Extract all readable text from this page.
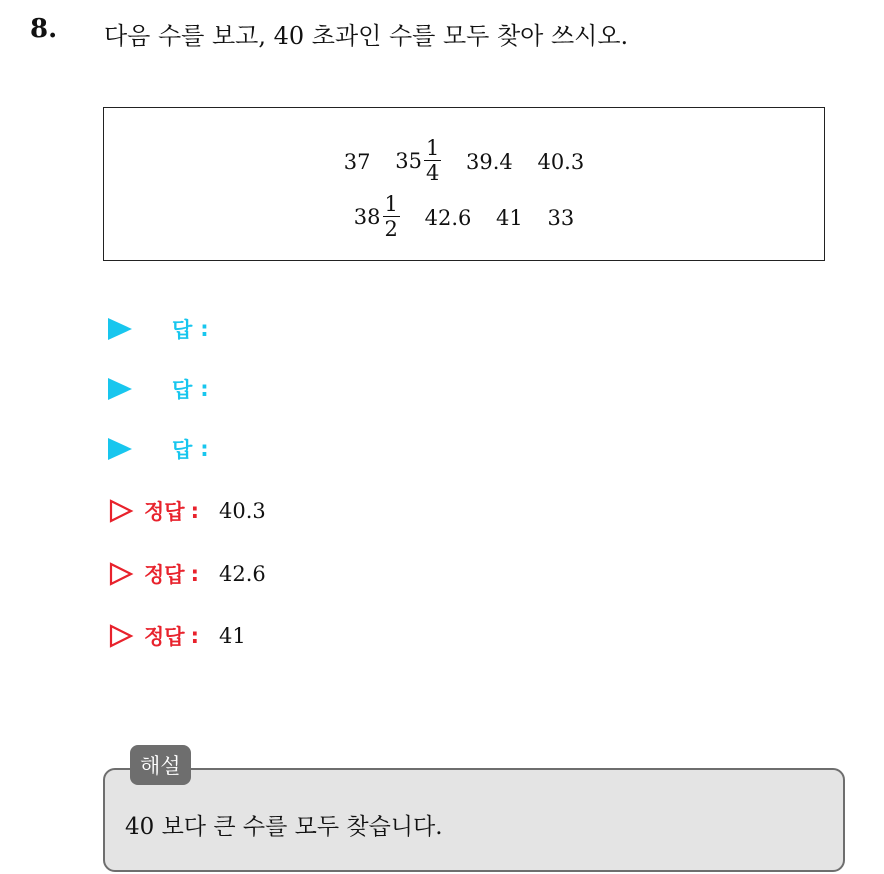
8. 다음 수를 보고, 40 초과인 수를 모두 찾아 쓰시오.
37 $35 \frac{1}{4} 39.4$ 40.3
$38 \frac{1}{2} 42.6$ 41 33
답 :
답 :
답 :
정답 : 40.3
정답 : 42.6
정답 : 41
해설
40 보다 큰 수를 모두 찾습니다.
